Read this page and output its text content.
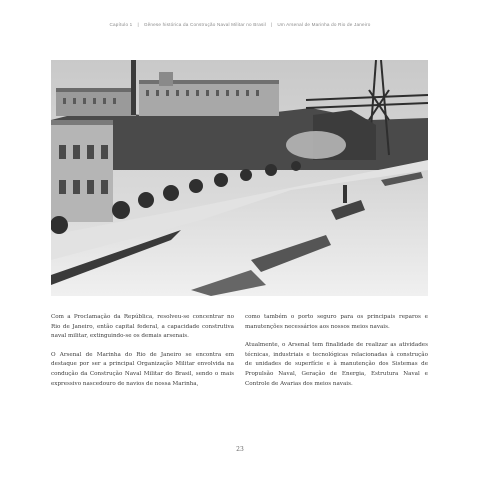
Capítulo 1 | Gênese histórica da Construção Naval Militar no Brasil | Um Arsenal de Marinha do Rio de Janeiro

Com a Proclamação da República, resolveu-se concentrar no Rio de Janeiro, então capital federal, a capacidade construtiva naval militar, extinguindo-se os demais arsenais.

O Arsenal de Marinha do Rio de Janeiro se encontra em destaque por ser a principal Organização Militar envolvida na condução da Construção Naval Militar do Brasil, sendo o mais expressivo nascedouro de navios de nossa Marinha,

como também o porto seguro para os principais reparos e manutenções necessários aos nossos meios navais.

Atualmente, o Arsenal tem finalidade de realizar as atividades técnicas, industriais e tecnológicas relacionadas à construção de unidades de superfície e à manutenção dos Sistemas de Propulsão Naval, Geração de Energia, Estrutura Naval e Controle de Avarias dos meios navais.

23
